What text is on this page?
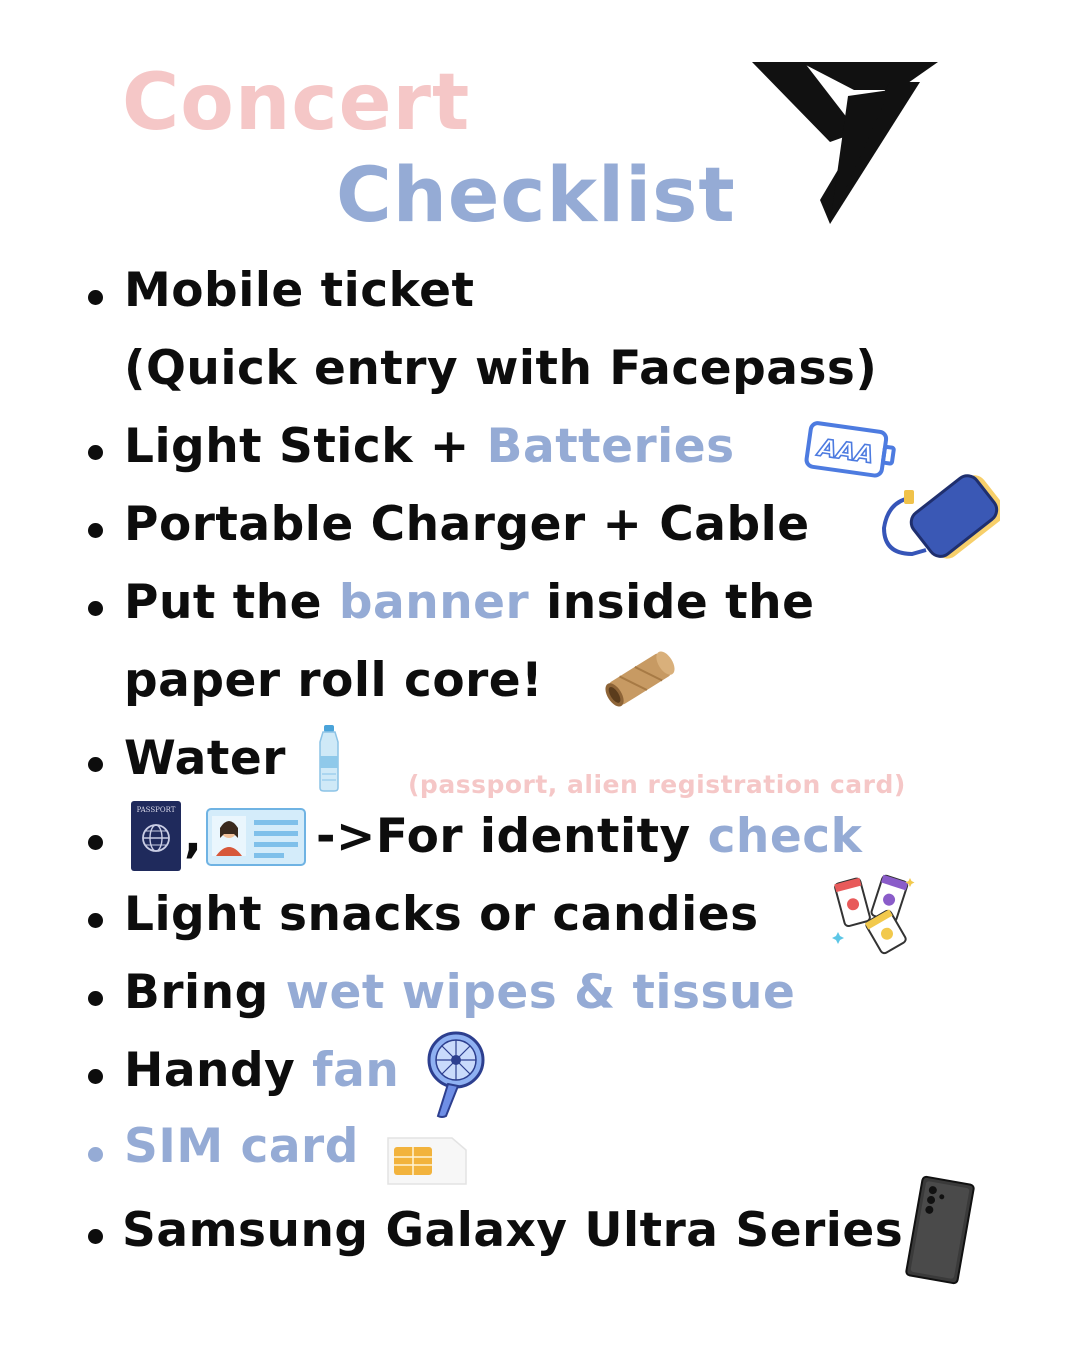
Concert
Checklist
Mobile ticket
(Quick entry with Facepass)
Light Stick + Batteries	AAA
Portable Charger + Cable
Put the banner inside the
paper roll core!
Water	(passport, alien registration card)
PASSPORT , ->For identity check
Light snacks or candies
Bring wet wipes & tissue
Handy fan
SIM card
Samsung Galaxy Ultra Series
